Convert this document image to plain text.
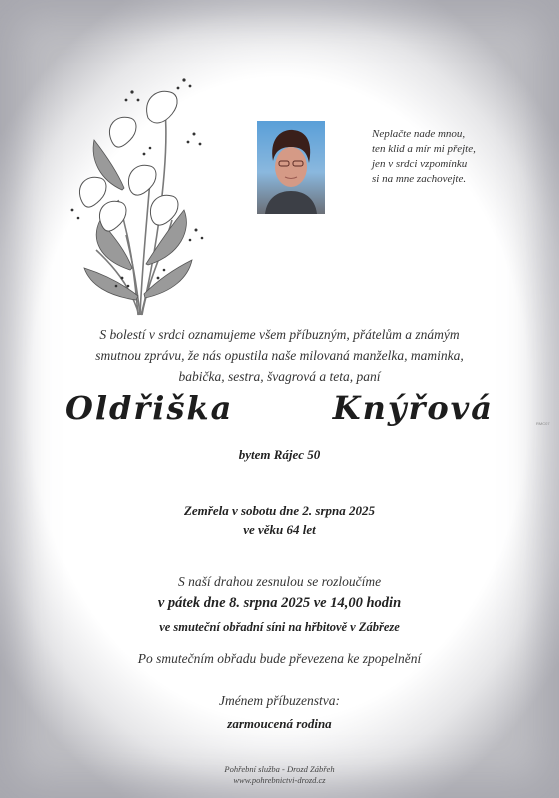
Neplačte nade mnou,
ten klid a mír mi přejte,
jen v srdci vzpomínku
si na mne zachovejte.
S bolestí v srdci oznamujeme všem příbuzným, přátelům a známým
smutnou zprávu, že nás opustila naše milovaná manželka, maminka,
babička, sestra, švagrová a teta, paní
Oldřiška   Knýřová
bytem Rájec 50
Zemřela v sobotu dne 2. srpna 2025
ve věku 64 let
S naší drahou zesnulou se rozloučíme
v pátek dne 8. srpna 2025 ve 14,00 hodin
ve smuteční obřadní síni na hřbitově v Zábřeze
Po smutečním obřadu bude převezena ke zpopelnění
Jménem příbuzenstva:
zarmoucená rodina
Pohřební služba - Drozd Zábřeh
www.pohrebnictvi-drozd.cz
RMC07
